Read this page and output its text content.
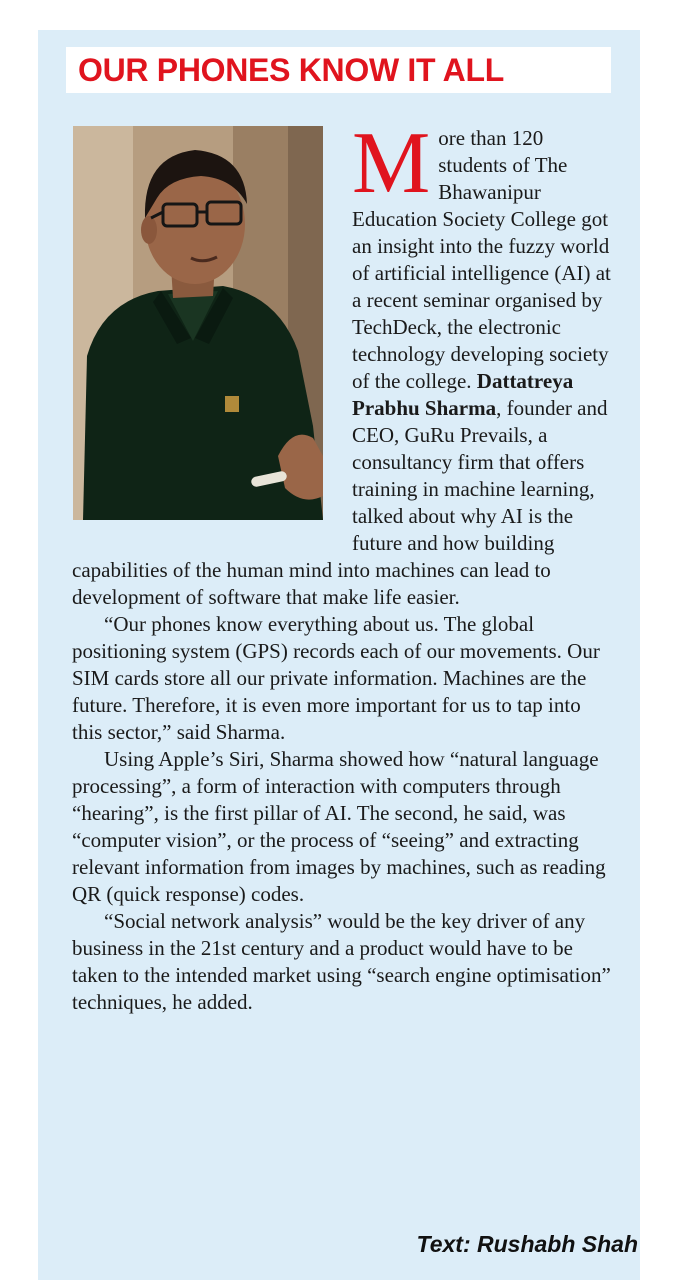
OUR PHONES KNOW IT ALL

More than 120 students of The Bhawanipur Education Society College got an insight into the fuzzy world of artificial intelligence (AI) at a recent seminar organised by TechDeck, the electronic technology developing society of the college. Dattatreya Prabhu Sharma, founder and CEO, GuRu Prevails, a consultancy firm that offers training in machine learning, talked about why AI is the future and how building capabilities of the human mind into machines can lead to development of software that make life easier.

“Our phones know everything about us. The global positioning system (GPS) records each of our movements. Our SIM cards store all our private information. Machines are the future. Therefore, it is even more important for us to tap into this sector,” said Sharma.

Using Apple’s Siri, Sharma showed how “natural language processing”, a form of interaction with computers through “hearing”, is the first pillar of AI. The second, he said, was “computer vision”, or the process of “seeing” and extracting relevant information from images by machines, such as reading QR (quick response) codes.

“Social network analysis” would be the key driver of any business in the 21st century and a product would have to be taken to the intended market using “search engine optimisation” techniques, he added.

Text: Rushabh Shah
